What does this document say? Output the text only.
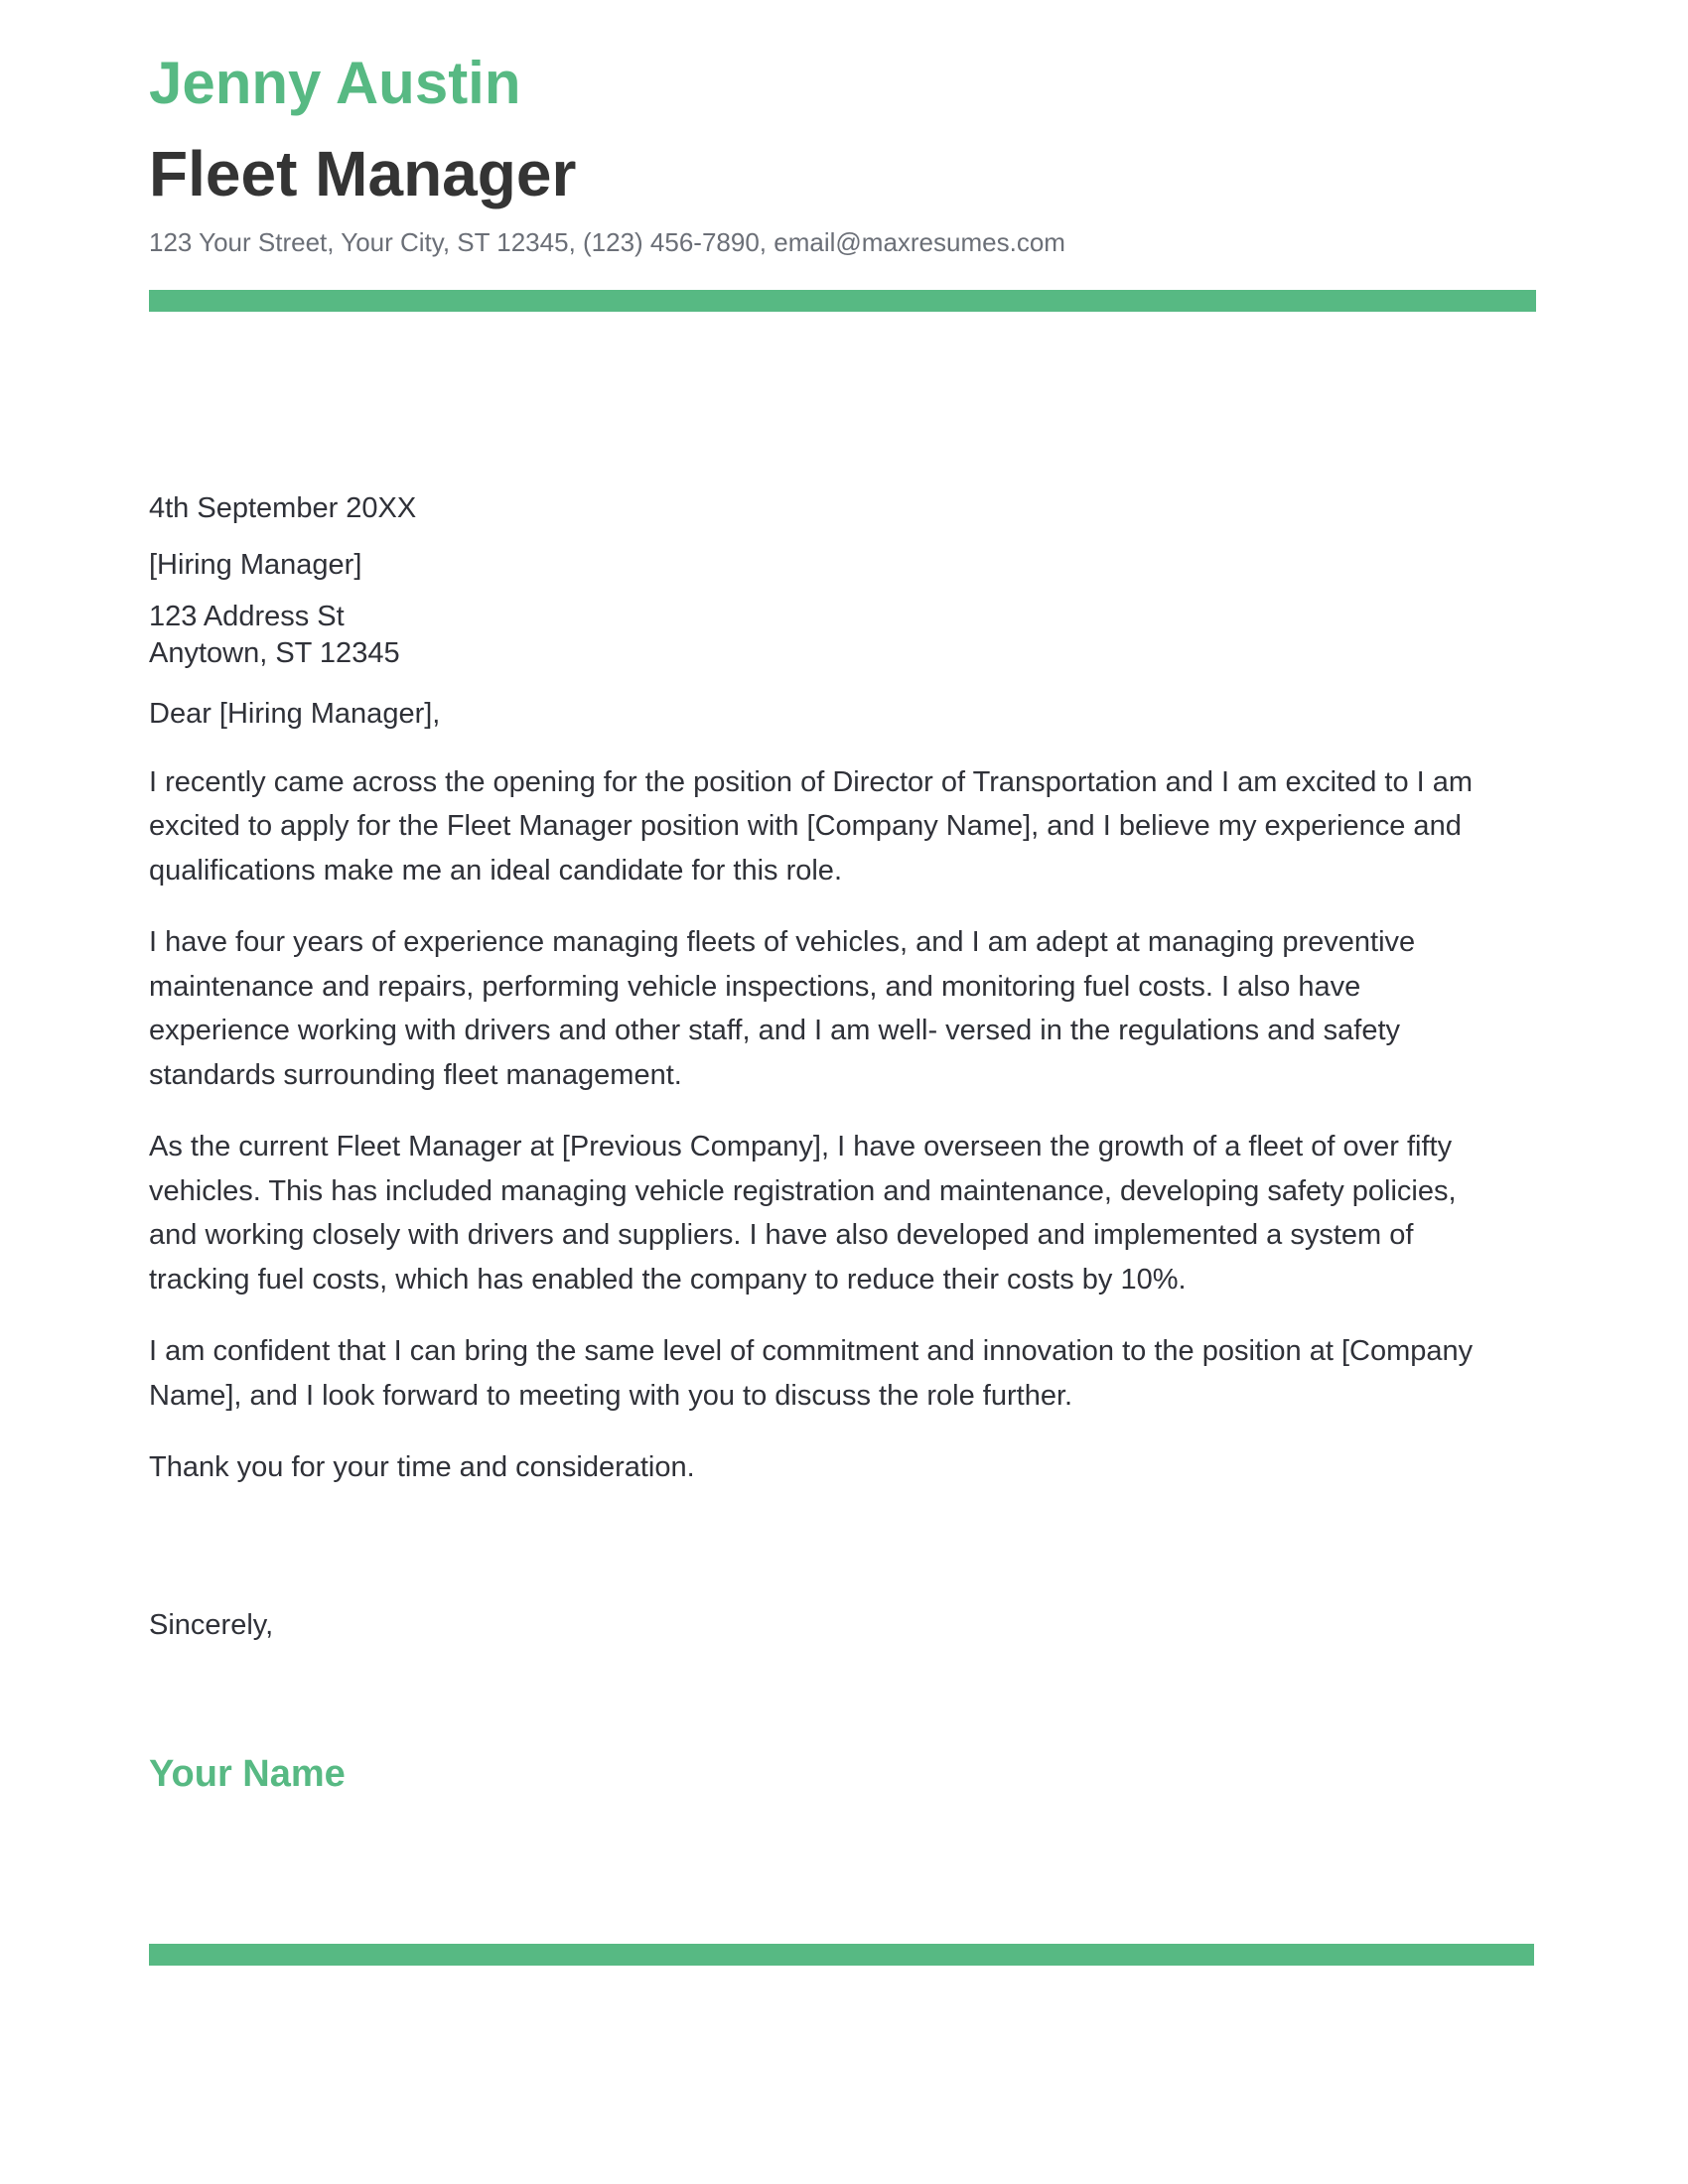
Jenny Austin
Fleet Manager
123 Your Street, Your City, ST 12345, (123) 456-7890, email@maxresumes.com
4th September 20XX
[Hiring Manager]
123 Address St
Anytown, ST 12345
Dear [Hiring Manager],
I recently came across the opening for the position of Director of Transportation and I am excited to I am
excited to apply for the Fleet Manager position with [Company Name], and I believe my experience and
qualifications make me an ideal candidate for this role.
I have four years of experience managing fleets of vehicles, and I am adept at managing preventive
maintenance and repairs, performing vehicle inspections, and monitoring fuel costs. I also have
experience working with drivers and other staff, and I am well- versed in the regulations and safety
standards surrounding fleet management.
As the current Fleet Manager at [Previous Company], I have overseen the growth of a fleet of over fifty
vehicles. This has included managing vehicle registration and maintenance, developing safety policies,
and working closely with drivers and suppliers. I have also developed and implemented a system of
tracking fuel costs, which has enabled the company to reduce their costs by 10%.
I am confident that I can bring the same level of commitment and innovation to the position at [Company
Name], and I look forward to meeting with you to discuss the role further.
Thank you for your time and consideration.
Sincerely,
Your Name
